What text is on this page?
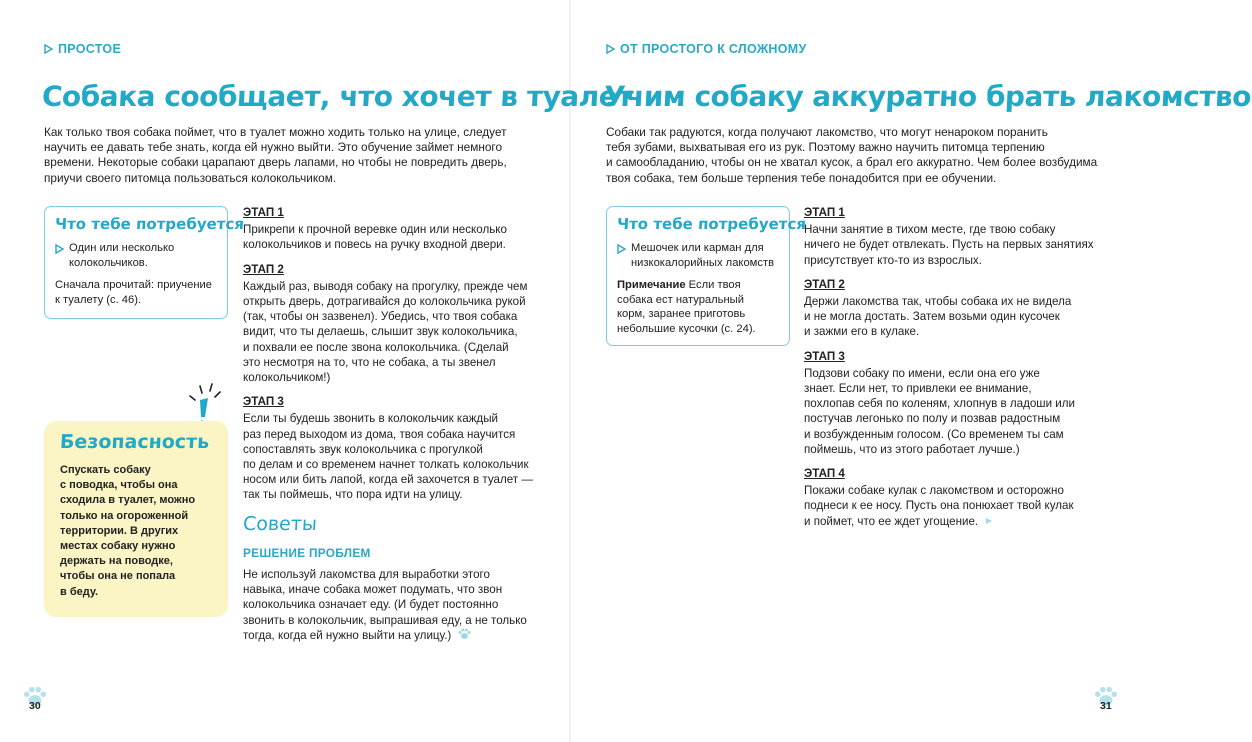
ПРОСТОЕ
Собака сообщает, что хочет в туалет
Как только твоя собака поймет, что в туалет можно ходить только на улице, следует
научить ее давать тебе знать, когда ей нужно выйти. Это обучение займет немного
времени. Некоторые собаки царапают дверь лапами, но чтобы не повредить дверь,
приучи своего питомца пользоваться колокольчиком.
Что тебе потребуется
Один или несколько
колокольчиков.
Сначала прочитай: приучение
к туалету (с. 46).
ЭТАП 1
Прикрепи к прочной веревке один или несколько
колокольчиков и повесь на ручку входной двери.
ЭТАП 2
Каждый раз, выводя собаку на прогулку, прежде чем
открыть дверь, дотрагивайся до колокольчика рукой
(так, чтобы он зазвенел). Убедись, что твоя собака
видит, что ты делаешь, слышит звук колокольчика,
и похвали ее после звона колокольчика. (Сделай
это несмотря на то, что не собака, а ты звенел
колокольчиком!)
ЭТАП 3
Если ты будешь звонить в колокольчик каждый
раз перед выходом из дома, твоя собака научится
сопоставлять звук колокольчика с прогулкой
по делам и со временем начнет толкать колокольчик
носом или бить лапой, когда ей захочется в туалет —
так ты поймешь, что пора идти на улицу.
Советы
РЕШЕНИЕ ПРОБЛЕМ
Не используй лакомства для выработки этого
навыка, иначе собака может подумать, что звон
колокольчика означает еду. (И будет постоянно
звонить в колокольчик, выпрашивая еду, а не только
тогда, когда ей нужно выйти на улицу.)
Безопасность
Спускать собаку
с поводка, чтобы она
сходила в туалет, можно
только на огороженной
территории. В других
местах собаку нужно
держать на поводке,
чтобы она не попала
в беду.
30
ОТ ПРОСТОГО К СЛОЖНОМУ
Учим собаку аккуратно брать лакомство
Собаки так радуются, когда получают лакомство, что могут ненароком поранить
тебя зубами, выхватывая его из рук. Поэтому важно научить питомца терпению
и самообладанию, чтобы он не хватал кусок, а брал его аккуратно. Чем более возбудима
твоя собака, тем больше терпения тебе понадобится при ее обучении.
Что тебе потребуется
Мешочек или карман для
низкокалорийных лакомств
Примечание Если твоя
собака ест натуральный
корм, заранее приготовь
небольшие кусочки (с. 24).
ЭТАП 1
Начни занятие в тихом месте, где твою собаку
ничего не будет отвлекать. Пусть на первых занятиях
присутствует кто-то из взрослых.
ЭТАП 2
Держи лакомства так, чтобы собака их не видела
и не могла достать. Затем возьми один кусочек
и зажми его в кулаке.
ЭТАП 3
Подзови собаку по имени, если она его уже
знает. Если нет, то привлеки ее внимание,
похлопав себя по коленям, хлопнув в ладоши или
постучав легонько по полу и позвав радостным
и возбужденным голосом. (Со временем ты сам
поймешь, что из этого работает лучше.)
ЭТАП 4
Покажи собаке кулак с лакомством и осторожно
поднеси к ее носу. Пусть она понюхает твой кулак
и поймет, что ее ждет угощение.
31
